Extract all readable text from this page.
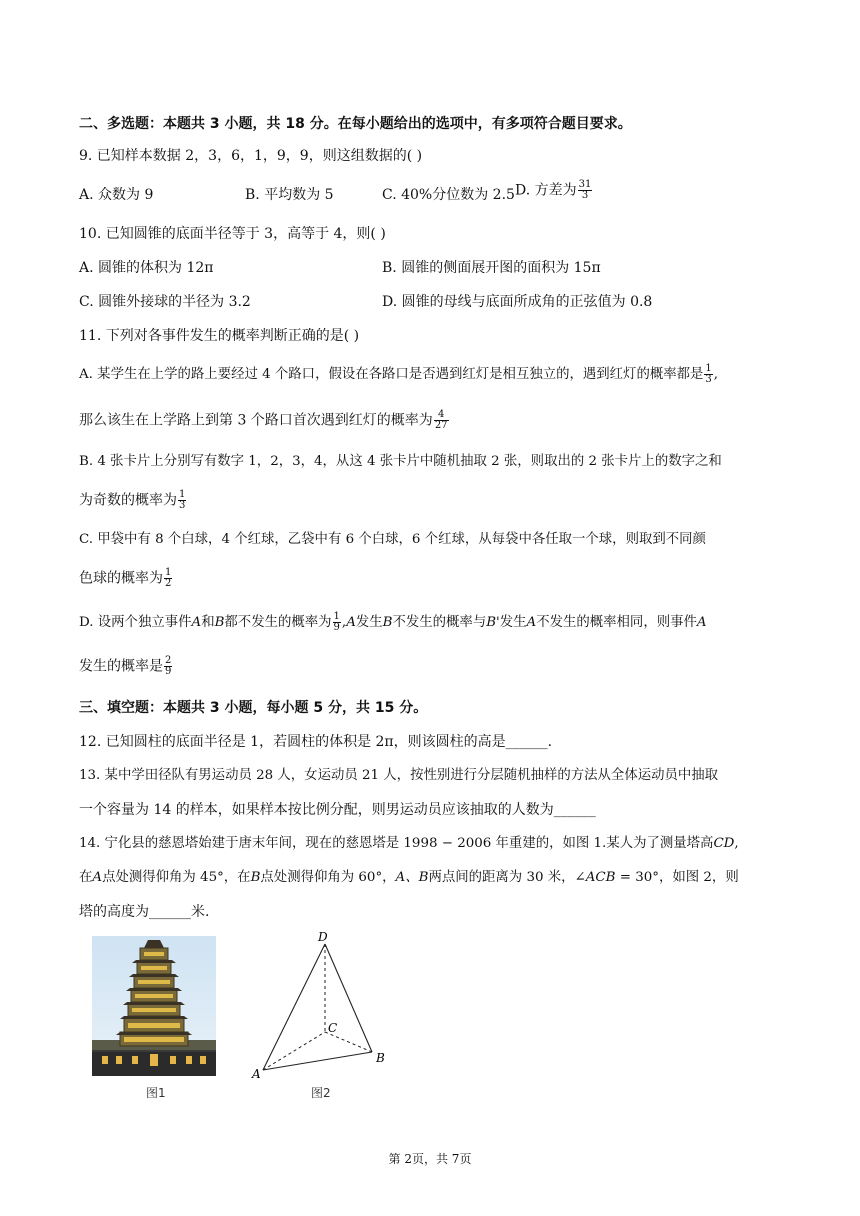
二、多选题：本题共 3 小题，共 18 分。在每小题给出的选项中，有多项符合题目要求。
9. 已知样本数据 2，3，6，1，9，9，则这组数据的( )
A. 众数为 9	B. 平均数为 5	C. 40%分位数为 2.5 D. 方差为 $\frac{31}{3}$
10. 已知圆锥的底面半径等于 3，高等于 4，则( )
A. 圆锥的体积为 12π	B. 圆锥的侧面展开图的面积为 15π
C. 圆锥外接球的半径为 3.2	D. 圆锥的母线与底面所成角的正弦值为 0.8
11. 下列对各事件发生的概率判断正确的是( )
A. 某学生在上学的路上要经过 4 个路口，假设在各路口是否遇到红灯是相互独立的，遇到红灯的概率都是 $\frac{1}{3}$ ,
那么该生在上学路上到第 3 个路口首次遇到红灯的概率为 $\frac{4}{27}$
B. 4 张卡片上分别写有数字 1，2，3，4，从这 4 张卡片中随机抽取 2 张，则取出的 2 张卡片上的数字之和
为奇数的概率为 $\frac{1}{3}$
C. 甲袋中有 8 个白球，4 个红球，乙袋中有 6 个白球，6 个红球，从每袋中各任取一个球，则取到不同颜
色球的概率为 $\frac{1}{2}$
D. 设两个独立事件A和B都不发生的概率为 $\frac{1}{9} ,A$发生B不发生的概率与B'发生A不发生的概率相同，则事件A
发生的概率是 $\frac{2}{9}$
三、填空题：本题共 3 小题，每小题 5 分，共 15 分。
12. 已知圆柱的底面半径是 1，若圆柱的体积是 2π，则该圆柱的高是______.
13. 某中学田径队有男运动员 28 人，女运动员 21 人，按性别进行分层随机抽样的方法从全体运动员中抽取
一个容量为 14 的样本，如果样本按比例分配，则男运动员应该抽取的人数为______
14. 宁化县的慈恩塔始建于唐末年间，现在的慈恩塔是 1998 − 2006 年重建的，如图 1.某人为了测量塔高CD,
在A点处测得仰角为 45°，在B点处测得仰角为 60°，A、B两点间的距离为 30 米，∠ACB = 30°，如图 2，则
塔的高度为______米.
图1
D
C
B
A
图2
第 2页，共 7页
